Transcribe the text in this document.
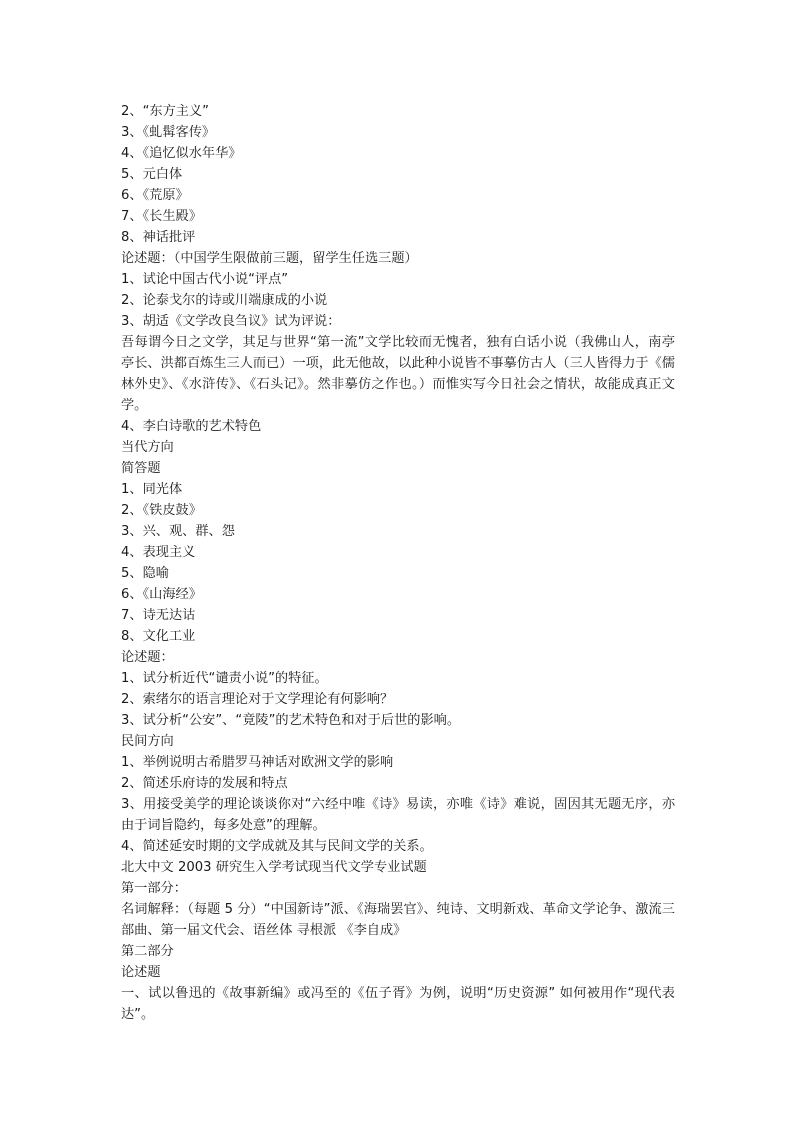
2、“东方主义”

3、《虬髯客传》

4、《追忆似水年华》

5、元白体

6、《荒原》

7、《长生殿》

8、神话批评

论述题：（中国学生限做前三题，留学生任选三题）

1、试论中国古代小说“评点”

2、论泰戈尔的诗或川端康成的小说

3、胡适《文学改良刍议》试为评说：

吾每谓今日之文学，其足与世界“第一流”文学比较而无愧者，独有白话小说（我佛山人，南亭亭长、洪都百炼生三人而已）一项，此无他故，以此种小说皆不事摹仿古人（三人皆得力于《儒林外史》、《水浒传》、《石头记》。然非摹仿之作也。）而惟实写今日社会之情状，故能成真正文学。

4、李白诗歌的艺术特色

当代方向

简答题

1、同光体

2、《铁皮鼓》

3、兴、观、群、怨

4、表现主义

5、隐喻

6、《山海经》

7、诗无达诂

8、文化工业

论述题：

1、试分析近代“谴责小说”的特征。

2、索绪尔的语言理论对于文学理论有何影响？

3、试分析“公安”、“竟陵”的艺术特色和对于后世的影响。

民间方向

1、举例说明古希腊罗马神话对欧洲文学的影响

2、简述乐府诗的发展和特点

3、用接受美学的理论谈谈你对“六经中唯《诗》易读，亦唯《诗》难说，固因其无题无序，亦由于词旨隐约，每多处意”的理解。

4、简述延安时期的文学成就及其与民间文学的关系。

北大中文 2003 研究生入学考试现当代文学专业试题

第一部分：

名词解释：（每题 5 分）“中国新诗”派、《海瑞罢官》、纯诗、文明新戏、革命文学论争、激流三部曲、第一届文代会、语丝体 寻根派 《李自成》

第二部分

论述题

一、试以鲁迅的《故事新编》或冯至的《伍子胥》为例，说明“历史资源” 如何被用作“现代表达”。
